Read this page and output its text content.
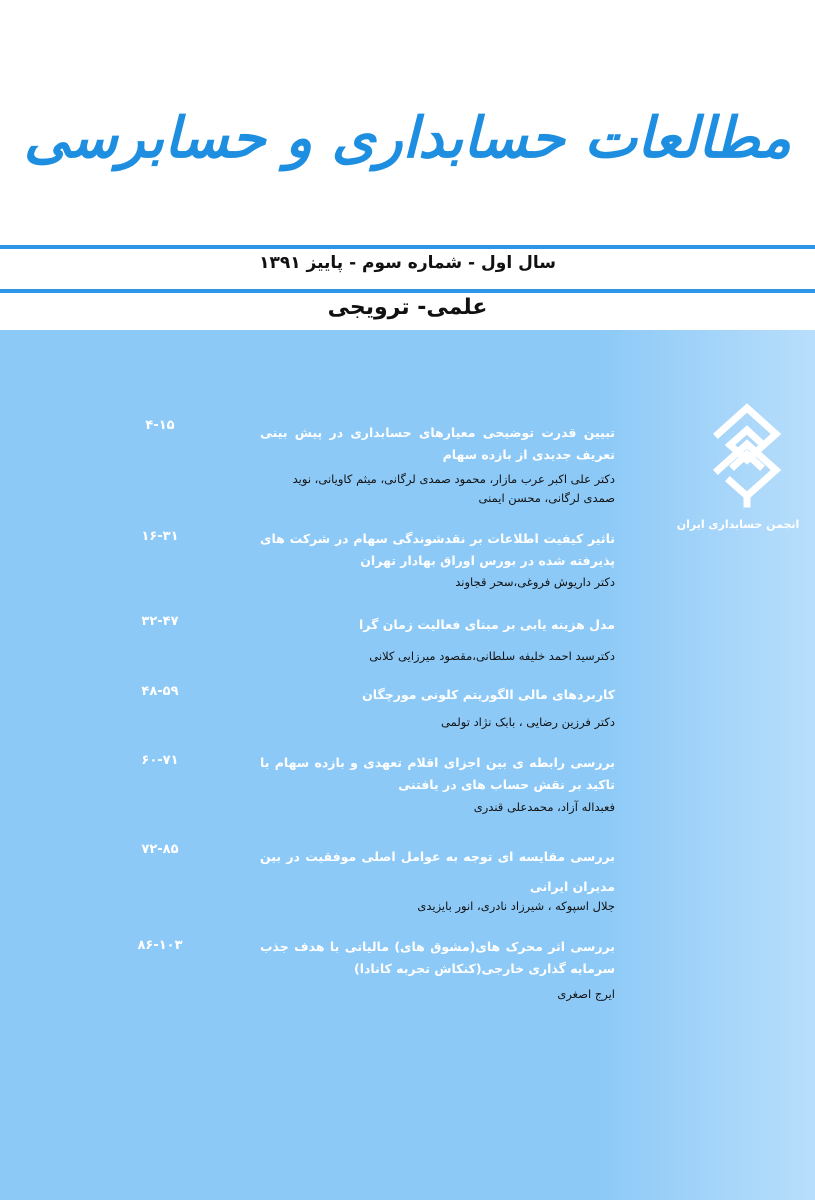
مطالعات حسابداری و حسابرسی
سال اول - شماره سوم - پاییز ۱۳۹۱
علمی- ترویجی
انجمن حسابداری ایران
۴-۱۵	تبیین قدرت توضیحی معیارهای حسابداری در پیش بینی تعریف جدیدی از بازده سهام
دکتر علی اکبر عرب مازار، محمود صمدی لرگانی، میثم کاویانی، نوید صمدی لرگانی، محسن ایمنی
۱۶-۳۱	تاثیر کیفیت اطلاعات بر نقدشوندگی سهام در شرکت های پذیرفته شده در بورس اوراق بهادار تهران
دکتر داریوش فروغی،سحر قجاوند
۳۲-۴۷	مدل هزینه یابی بر مبنای فعالیت زمان گرا
دکترسید احمد خلیفه سلطانی،مقصود میرزایی کلانی
۴۸-۵۹	کاربردهای مالی الگوریتم کلونی مورچگان
دکتر فرزین رضایی ، بابک نژاد تولمی
۶۰-۷۱	بررسی رابطه ی بین اجزای اقلام تعهدی و بازده سهام با تاکید بر نقش حساب های در یافتنی
فعبداله آزاد، محمدعلی قندری
۷۲-۸۵	بررسی مقایسه ای توجه به عوامل اصلی موفقیت در بین مدیران ایرانی
جلال اسپوکه ، شیرزاد نادری، انور بایزیدی
۸۶-۱۰۳	بررسی اثر محرک های(مشوق های) مالیاتی با هدف جذب سرمایه گذاری خارجی(کنکاش تجربه کانادا)
ایرج اصغری
